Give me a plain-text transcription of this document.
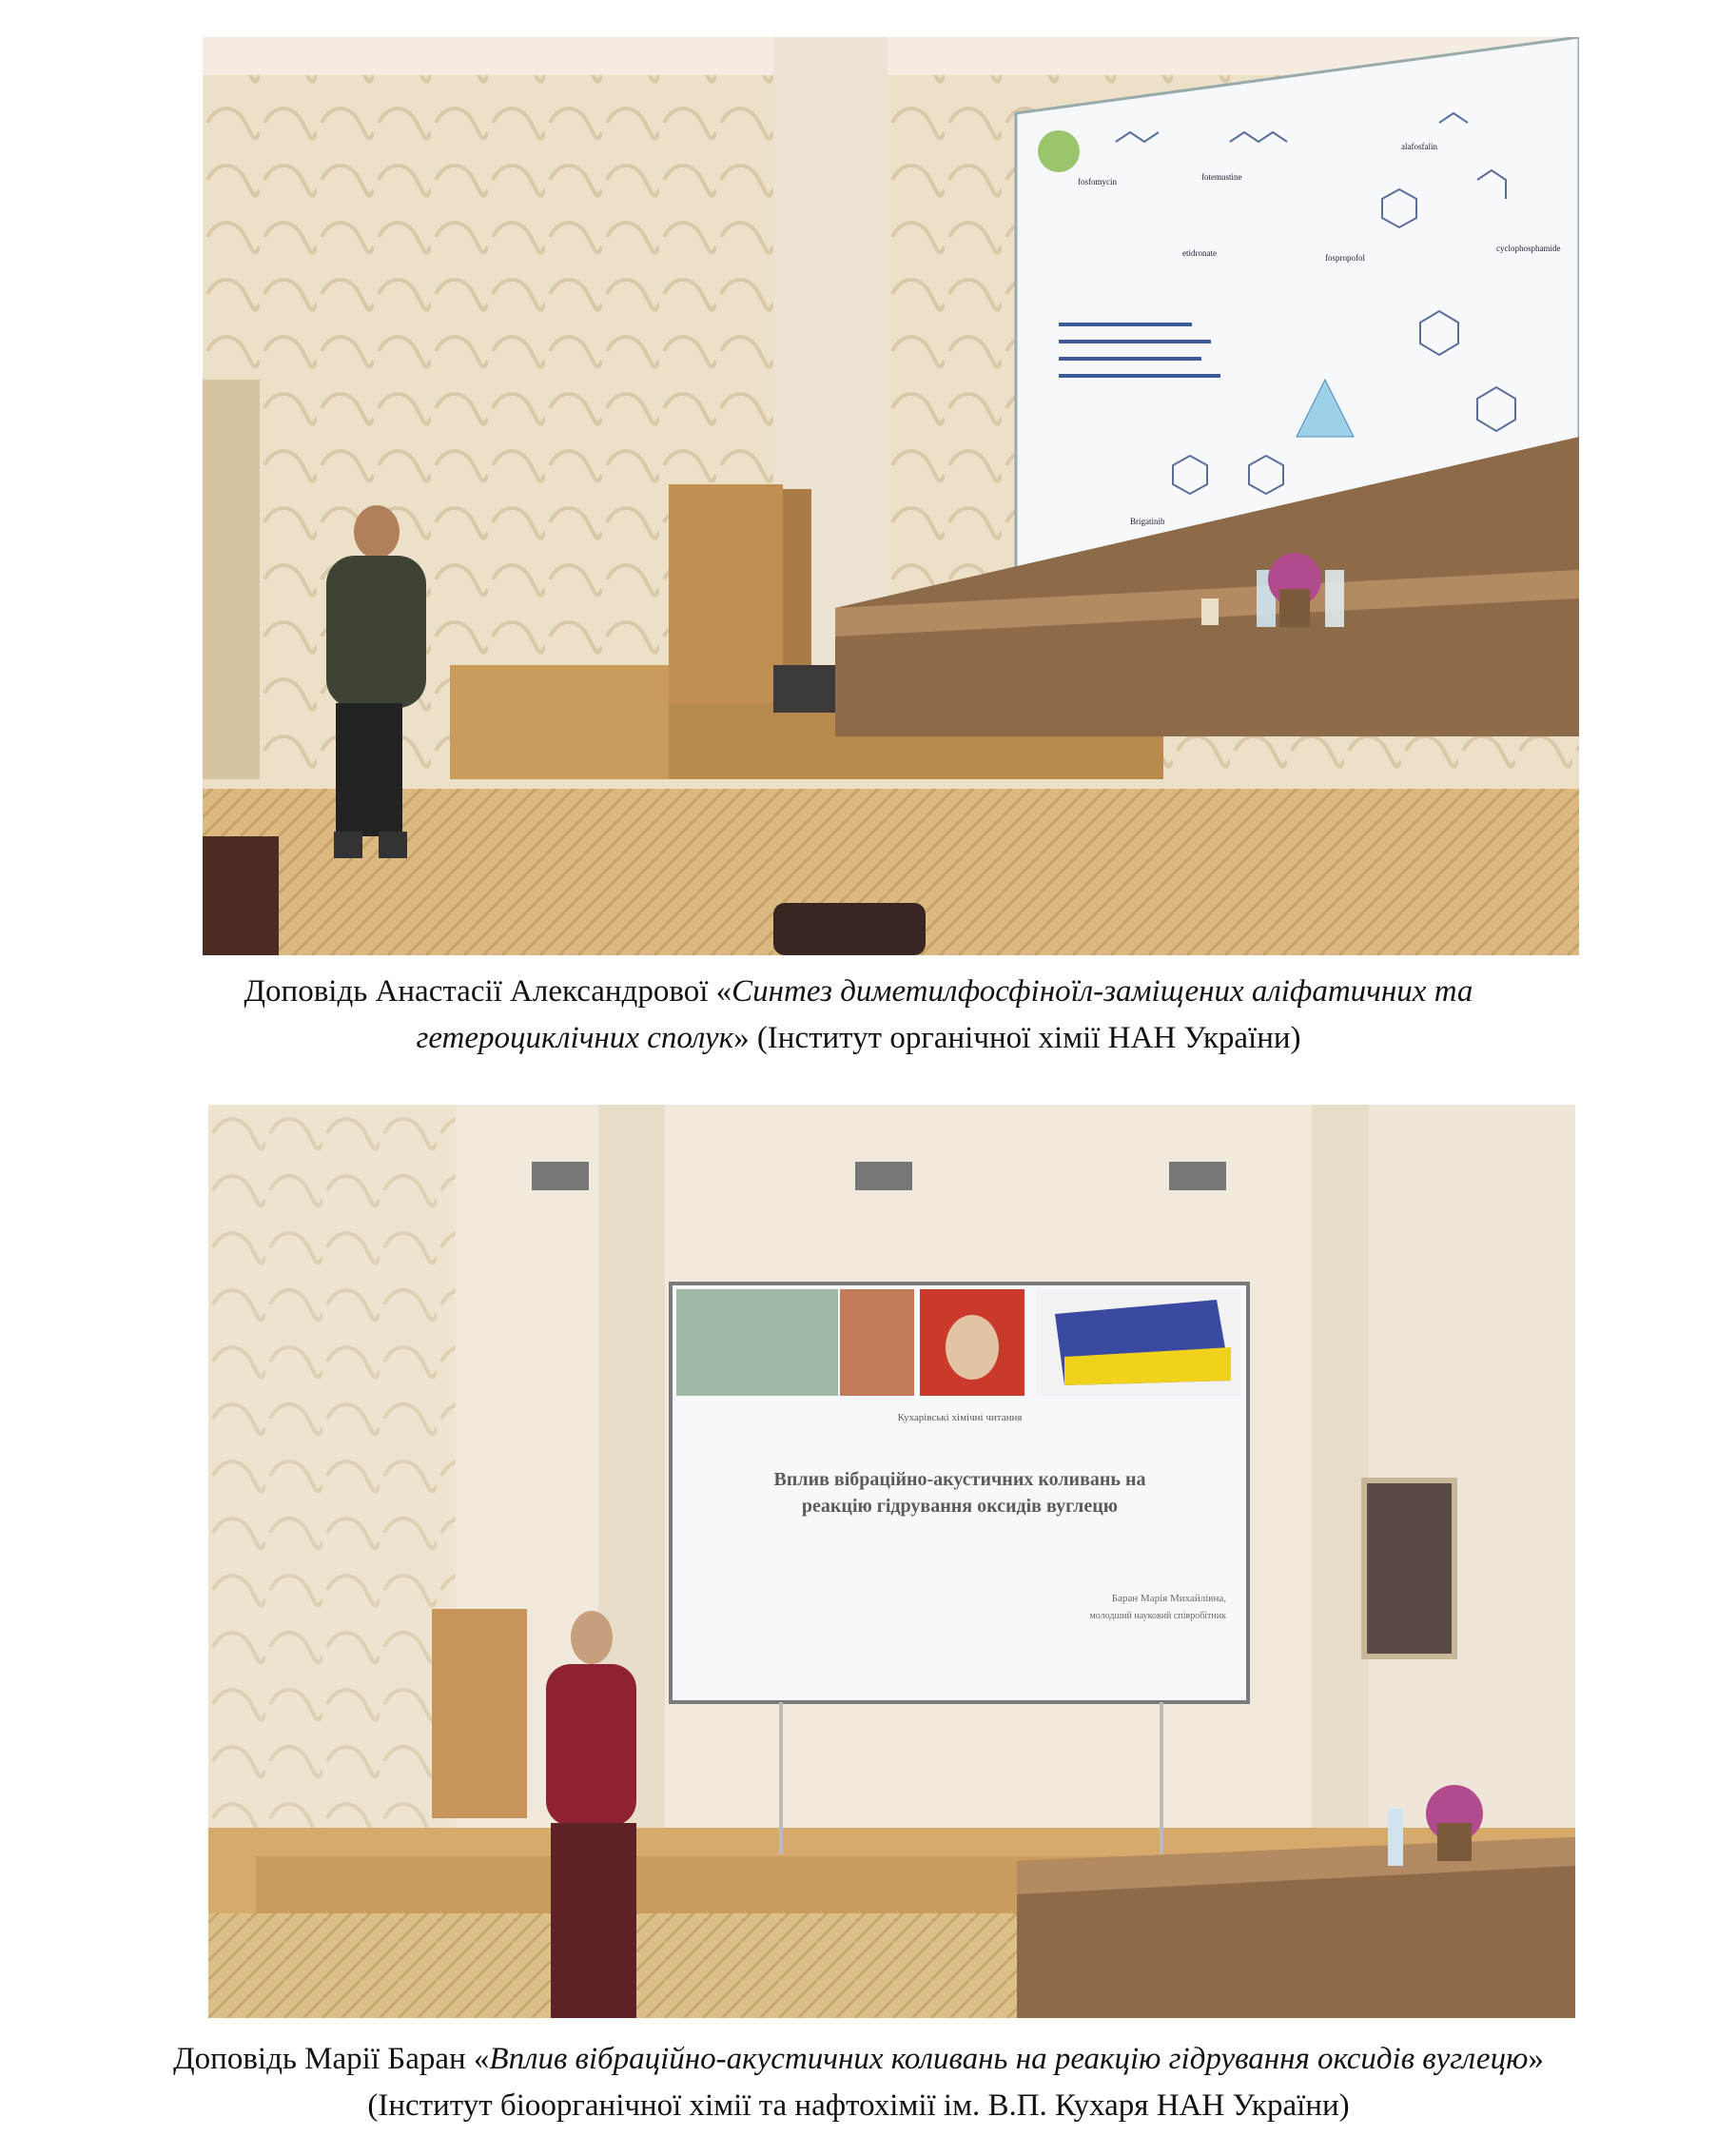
fosfomycin	fotemustine
alafosfalin
etidronate	fospropofol
cyclophosphamide
Brigatinib
Доповідь Анастасії Александрової «Синтез диметилфосфіноїл-заміщених аліфатичних та гетероциклічних сполук» (Інститут органічної хімії НАН України)
Кухарівські хімічні читання
Вплив вібраційно-акустичних коливань на
реакцію гідрування оксидів вуглецю
Баран Марія Михайлівна,
молодший науковий співробітник
Доповідь Марії Баран «Вплив вібраційно-акустичних коливань на реакцію гідрування оксидів вуглецю» (Інститут біоорганічної хімії та нафтохімії ім. В.П. Кухаря НАН України)
